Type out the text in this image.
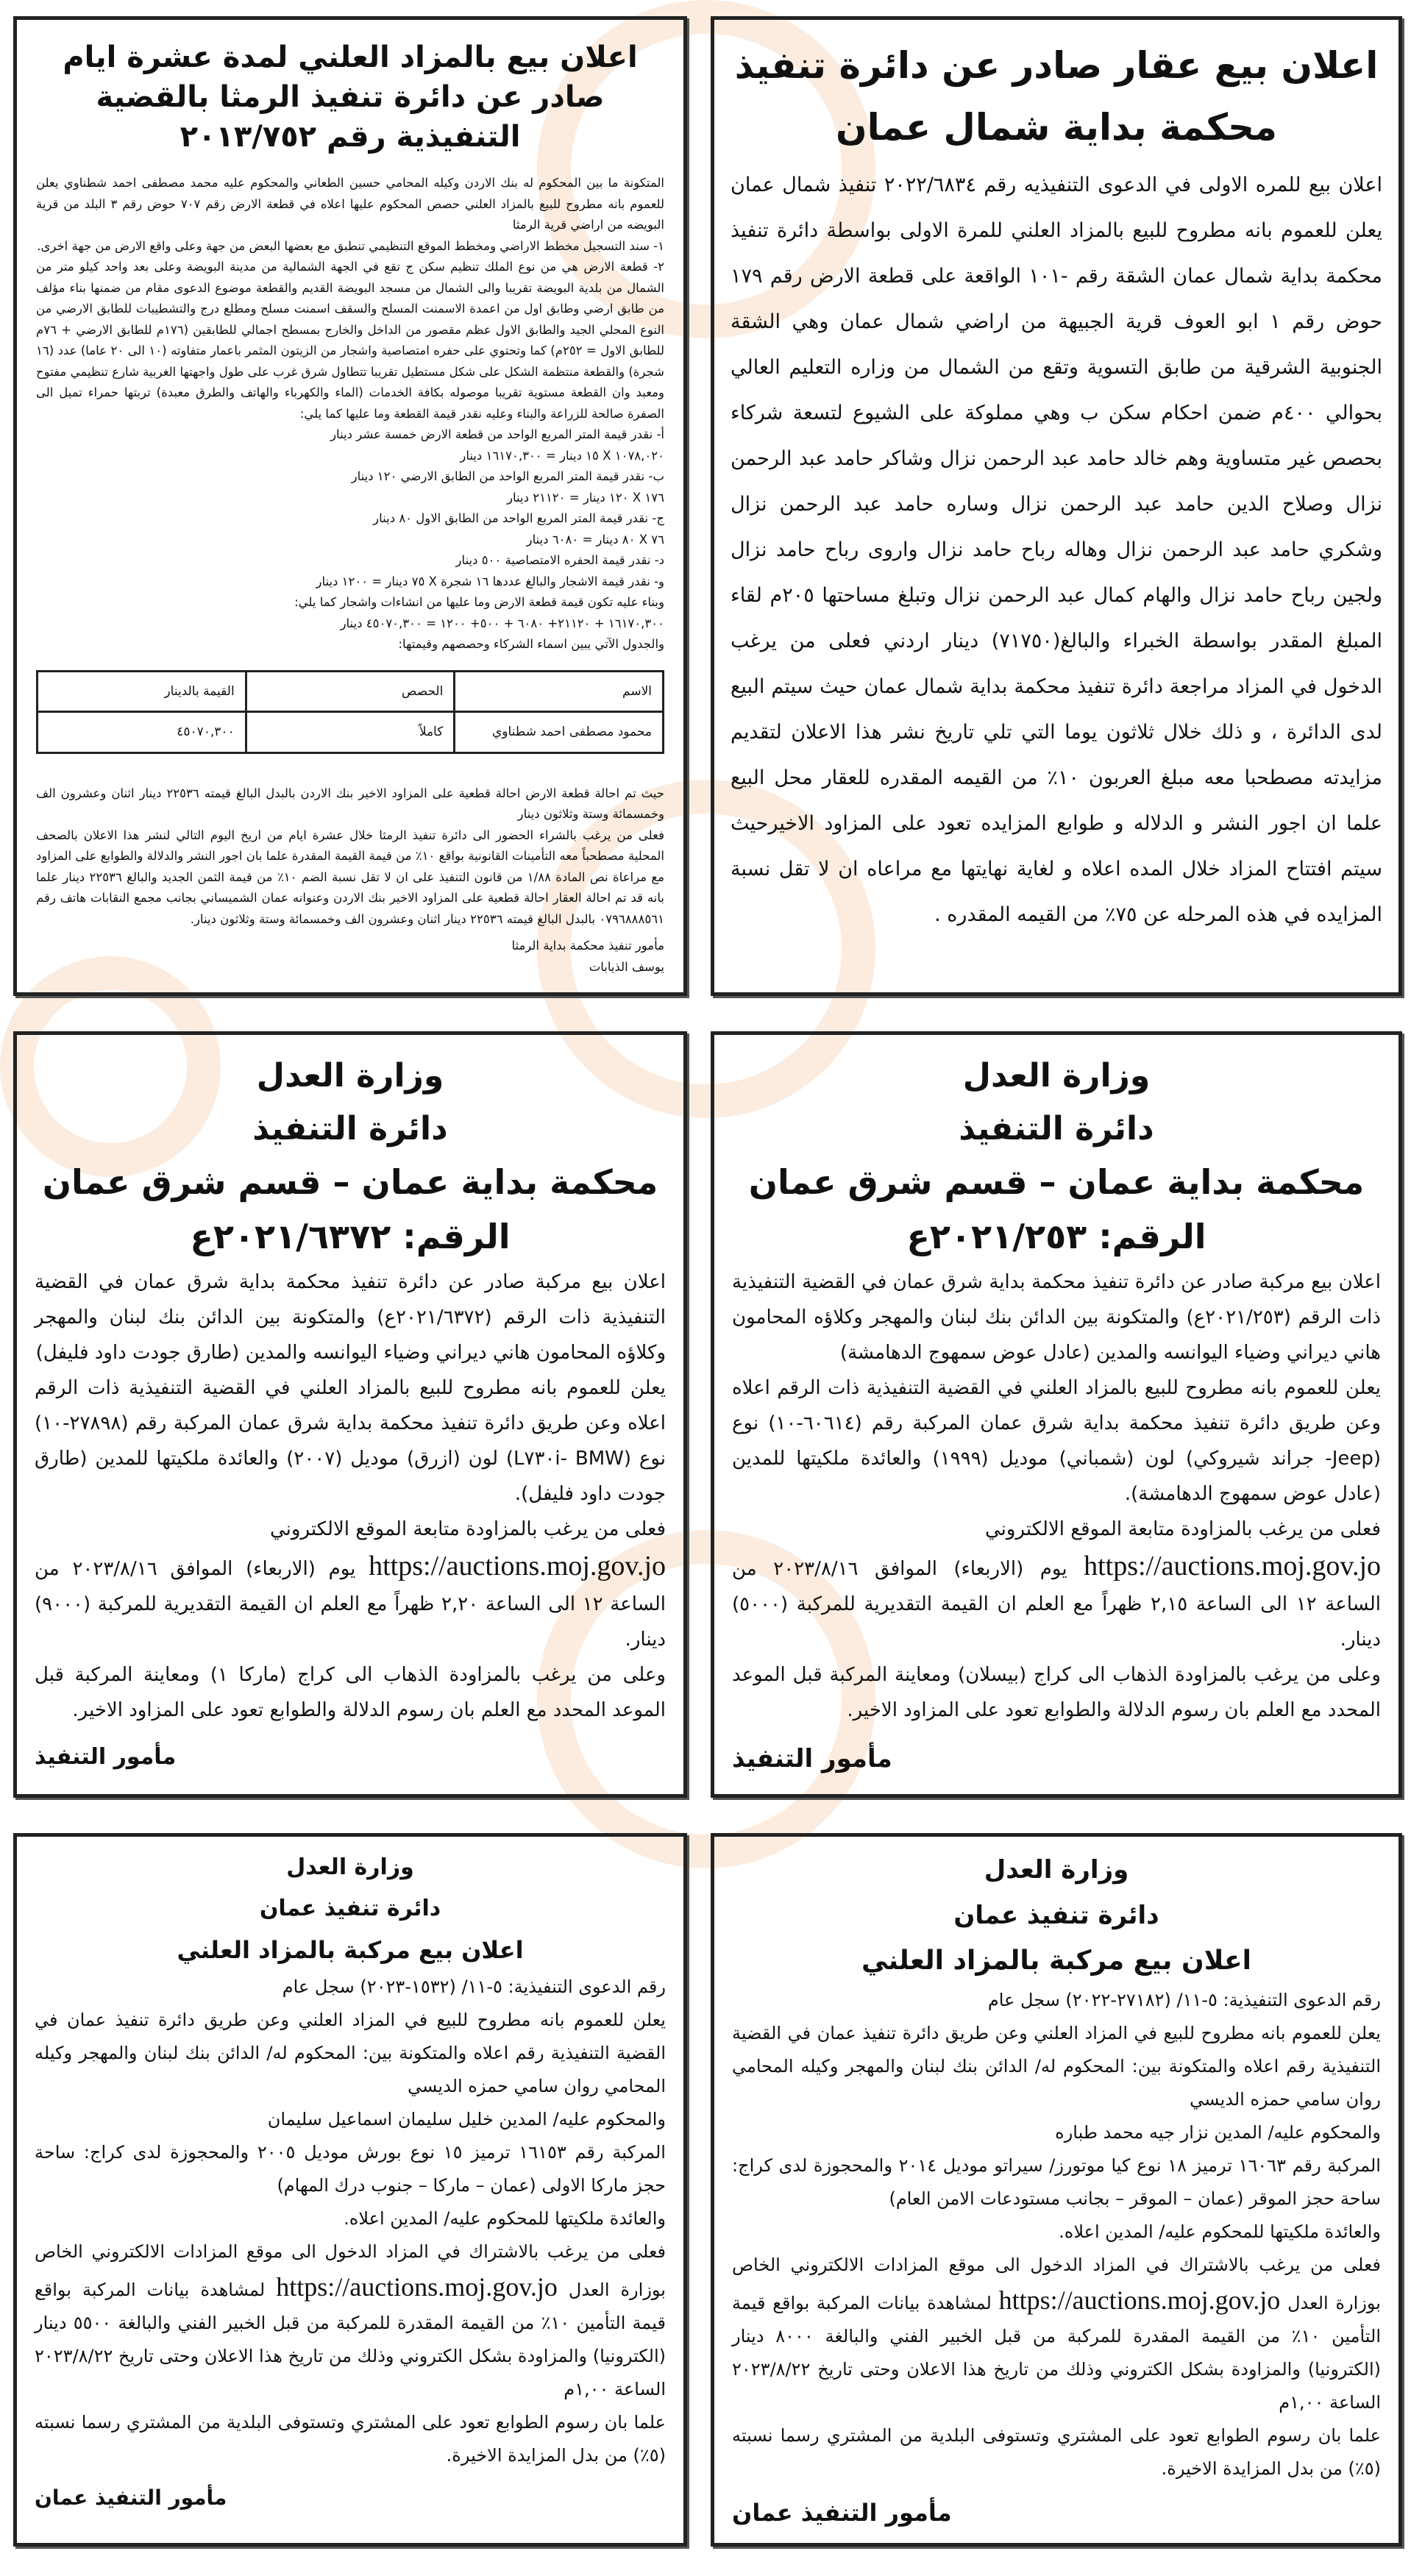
اعلان بيع عقار صادر عن دائرة تنفيذ محكمة بداية شمال عمان

اعلان بيع للمره الاولى في الدعوى التنفيذيه رقم ٢٠٢٢/٦٨٣٤ تنفيذ شمال عمان يعلن للعموم بانه مطروح للبيع بالمزاد العلني للمرة الاولى بواسطة دائرة تنفيذ محكمة بداية شمال عمان الشقة رقم -١٠١ الواقعة على قطعة الارض رقم ١٧٩ حوض رقم ١ ابو العوف قرية الجبيهة من اراضي شمال عمان وهي الشقة الجنوبية الشرقية من طابق التسوية وتقع من الشمال من وزاره التعليم العالي بحوالي ٤٠٠م ضمن احكام سكن ب وهي مملوكة على الشيوع لتسعة شركاء بحصص غير متساوية وهم خالد حامد عبد الرحمن نزال وشاكر حامد عبد الرحمن نزال وصلاح الدين حامد عبد الرحمن نزال وساره حامد عبد الرحمن نزال وشكري حامد عبد الرحمن نزال وهاله رباح حامد نزال واروى رباح حامد نزال ولجين رباح حامد نزال والهام كمال عبد الرحمن نزال وتبلغ مساحتها ٢٠٥م لقاء المبلغ المقدر بواسطة الخبراء والبالغ(٧١٧٥٠) دينار اردني فعلى من يرغب الدخول في المزاد مراجعة دائرة تنفيذ محكمة بداية شمال عمان حيث سيتم البيع لدى الدائرة ، و ذلك خلال ثلاثون يوما التي تلي تاريخ نشر هذا الاعلان لتقديم مزايدته مصطحبا معه مبلغ العربون ١٠٪ من القيمه المقدره للعقار محل البيع علما ان اجور النشر و الدلاله و طوابع المزايده تعود على المزاود الاخيرحيث سيتم افتتاح المزاد خلال المده اعلاه و لغاية نهايتها مع مراعاه ان لا تقل نسبة المزايده في هذه المرحله عن ٧٥٪ من القيمه المقدره .

اعلان بيع بالمزاد العلني لمدة عشرة ايام صادر عن دائرة تنفيذ الرمثا بالقضية التنفيذية رقم ٢٠١٣/٧٥٢

المتكونة ما بين المحكوم له بنك الاردن وكيله المحامي حسين الطعاني والمحكوم عليه محمد مصطفى احمد شطناوي يعلن للعموم بانه مطروح للبيع بالمزاد العلني حصص المحكوم عليها اعلاه في قطعة الارض رقم ٧٠٧ حوض رقم ٣ البلد من قرية البويضه من اراضي قرية الرمثا

١- سند التسجيل مخطط الاراضي ومخطط الموقع التنظيمي تنطبق مع بعضها البعض من جهة وعلى واقع الارض من جهة اخرى.

٢- قطعة الارض هي من نوع الملك تنظيم سكن ج تقع في الجهة الشمالية من مدينة البويضة وعلى بعد واحد كيلو متر من الشمال من بلدية البويضة تقريبا والى الشمال من مسجد البويضة القديم والقطعة موضوع الدعوى مقام من ضمنها بناء مؤلف من طابق ارضي وطابق اول من اعمدة الاسمنت المسلح والسقف اسمنت مسلح ومطلع درج والتشطيبات للطابق الارضي من النوع المحلي الجيد والطابق الاول عظم مقصور من الداخل والخارج بمسطح اجمالي للطابقين (١٧٦م للطابق الارضي + ٧٦م للطابق الاول = ٢٥٢م) كما وتحتوي على حفره امتصاصية واشجار من الزيتون المثمر باعمار متفاوته (١٠ الى ٢٠ عاما) عدد (١٦ شجرة) والقطعة منتظمة الشكل على شكل مستطيل تقريبا تتطاول شرق غرب على طول واجهتها الغربية شارع تنظيمي مفتوح ومعبد وان القطعة مستوية تقريبا موصوله بكافة الخدمات (الماء والكهرباء والهاتف والطرق معبدة) تربتها حمراء تميل الى الصفرة صالحة للزراعة والبناء وعليه نقدر قيمة القطعة وما عليها كما يلي:

أ- نقدر قيمة المتر المربع الواحد من قطعة الارض خمسة عشر دينار

١٠٧٨,٠٢٠ X ١٥ دينار = ١٦١٧٠,٣٠٠ دينار

ب- نقدر قيمة المتر المربع الواحد من الطابق الارضي ١٢٠ دينار

١٧٦ X ١٢٠ دينار = ٢١١٢٠ دينار

ج- نقدر قيمة المتر المربع الواحد من الطابق الاول ٨٠ دينار

٧٦ X ٨٠ دينار = ٦٠٨٠ دينار

د- نقدر قيمة الحفره الامتصاصية ٥٠٠ دينار

و- نقدر قيمة الاشجار والبالغ عددها ١٦ شجرة X ٧٥ دينار = ١٢٠٠ دينار

وبناء عليه تكون قيمة قطعة الارض وما عليها من انشاءات واشجار كما يلي:

١٦١٧٠,٣٠٠ + ٢١١٢٠+ ٦٠٨٠ + ٥٠٠+ ١٢٠٠ = ٤٥٠٧٠,٣٠٠ دينار

والجدول الآتي يبين اسماء الشركاء وحصصهم وقيمتها:

الاسم	الحصص	القيمة بالدينار
محمود مصطفى احمد شطناوي	كاملاً	٤٥٠٧٠,٣٠٠

حيث تم احالة قطعة الارض احالة قطعية على المزاود الاخير بنك الاردن بالبدل البالغ قيمته ٢٢٥٣٦ دينار اثنان وعشرون الف وخمسمائة وستة وثلاثون دينار

فعلى من يرغب بالشراء الحضور الى دائرة تنفيذ الرمثا خلال عشرة ايام من اريخ اليوم التالي لنشر هذا الاعلان بالصحف المحلية مصطحباً معه التأمينات القانونية بواقع ١٠٪ من قيمة القيمة المقدرة علما بان اجور النشر والدلالة والطوابع على المزاود مع مراعاة نص المادة ١/٨٨ من قانون التنفيذ على ان لا تقل نسبة الضم ١٠٪ من قيمة الثمن الجديد والبالغ ٢٢٥٣٦ دينار علما بانه قد تم احالة العقار احالة قطعية على المزاود الاخير بنك الاردن وعنوانه عمان الشميساني بجانب مجمع النقابات هاتف رقم ٠٧٩٦٨٨٨٥٦١ بالبدل البالغ قيمته ٢٢٥٣٦ دينار اثنان وعشرون الف وخمسمائة وستة وثلاثون دينار.

مأمور تنفيذ محكمة بداية الرمثا

يوسف الذيابات

وزارة العدل
دائرة التنفيذ
محكمة بداية عمان – قسم شرق عمان
الرقم: ٢٠٢١/٢٥٣ع

اعلان بيع مركبة صادر عن دائرة تنفيذ محكمة بداية شرق عمان في القضية التنفيذية ذات الرقم (٢٠٢١/٢٥٣ع) والمتكونة بين الدائن بنك لبنان والمهجر وكلاؤه المحامون هاني ديراني وضياء اليوانسه والمدين (عادل عوض سمهوج الدهامشة)

يعلن للعموم بانه مطروح للبيع بالمزاد العلني في القضية التنفيذية ذات الرقم اعلاه وعن طريق دائرة تنفيذ محكمة بداية شرق عمان المركبة رقم (٦٠٦١٤-١٠) نوع (Jeep- جراند شيروكي) لون (شمباني) موديل (١٩٩٩) والعائدة ملكيتها للمدين (عادل عوض سمهوج الدهامشة).

فعلى من يرغب بالمزاودة متابعة الموقع الالكتروني

https://auctions.moj.gov.jo يوم (الاربعاء) الموافق ٢٠٢٣/٨/١٦ من الساعة ١٢ الى الساعة ٢,١٥ ظهراً مع العلم ان القيمة التقديرية للمركبة (٥٠٠٠) دينار.

وعلى من يرغب بالمزاودة الذهاب الى كراج (بيسلان) ومعاينة المركبة قبل الموعد المحدد مع العلم بان رسوم الدلالة والطوابع تعود على المزاود الاخير.

مأمور التنفيذ

وزارة العدل
دائرة التنفيذ
محكمة بداية عمان – قسم شرق عمان
الرقم: ٢٠٢١/٦٣٧٢ع

اعلان بيع مركبة صادر عن دائرة تنفيذ محكمة بداية شرق عمان في القضية التنفيذية ذات الرقم (٢٠٢١/٦٣٧٢ع) والمتكونة بين الدائن بنك لبنان والمهجر وكلاؤه المحامون هاني ديراني وضياء اليوانسه والمدين (طارق جودت داود فليفل)

يعلن للعموم بانه مطروح للبيع بالمزاد العلني في القضية التنفيذية ذات الرقم اعلاه وعن طريق دائرة تنفيذ محكمة بداية شرق عمان المركبة رقم (٢٧٨٩٨-١٠) نوع (L٧٣٠i- BMW) لون (ازرق) موديل (٢٠٠٧) والعائدة ملكيتها للمدين (طارق جودت داود فليفل).

فعلى من يرغب بالمزاودة متابعة الموقع الالكتروني

https://auctions.moj.gov.jo يوم (الاربعاء) الموافق ٢٠٢٣/٨/١٦ من الساعة ١٢ الى الساعة ٢,٢٠ ظهراً مع العلم ان القيمة التقديرية للمركبة (٩٠٠٠) دينار.

وعلى من يرغب بالمزاودة الذهاب الى كراج (ماركا ١) ومعاينة المركبة قبل الموعد المحدد مع العلم بان رسوم الدلالة والطوابع تعود على المزاود الاخير.

مأمور التنفيذ

وزارة العدل
دائرة تنفيذ عمان
اعلان بيع مركبة بالمزاد العلني

رقم الدعوى التنفيذية: ٥-١١/ (٢٧١٨٢-٢٠٢٢) سجل عام

يعلن للعموم بانه مطروح للبيع في المزاد العلني وعن طريق دائرة تنفيذ عمان في القضية التنفيذية رقم اعلاه والمتكونة بين: المحكوم له/ الدائن بنك لبنان والمهجر وكيله المحامي روان سامي حمزه الديسي

والمحكوم عليه/ المدين نزار جيه محمد طباره

المركبة رقم ١٦٠٦٣ ترميز ١٨ نوع كيا موتورز/ سيراتو موديل ٢٠١٤ والمحجوزة لدى كراج: ساحة حجز الموقر (عمان – الموقر – بجانب مستودعات الامن العام)

والعائدة ملكيتها للمحكوم عليه/ المدين اعلاه.

فعلى من يرغب بالاشتراك في المزاد الدخول الى موقع المزادات الالكتروني الخاص بوزارة العدل https://auctions.moj.gov.jo لمشاهدة بيانات المركبة بواقع قيمة التأمين ١٠٪ من القيمة المقدرة للمركبة من قبل الخبير الفني والبالغة ٨٠٠٠ دينار (الكترونيا) والمزاودة بشكل الكتروني وذلك من تاريخ هذا الاعلان وحتى تاريخ ٢٠٢٣/٨/٢٢ الساعة ١,٠٠م

علما بان رسوم الطوابع تعود على المشتري وتستوفى البلدية من المشتري رسما نسبته (٥٪) من بدل المزايدة الاخيرة.

مأمور التنفيذ عمان

وزارة العدل
دائرة تنفيذ عمان
اعلان بيع مركبة بالمزاد العلني

رقم الدعوى التنفيذية: ٥-١١/ (١٥٣٢-٢٠٢٣) سجل عام

يعلن للعموم بانه مطروح للبيع في المزاد العلني وعن طريق دائرة تنفيذ عمان في القضية التنفيذية رقم اعلاه والمتكونة بين: المحكوم له/ الدائن بنك لبنان والمهجر وكيله المحامي روان سامي حمزه الديسي

والمحكوم عليه/ المدين خليل سليمان اسماعيل سليمان

المركبة رقم ١٦١٥٣ ترميز ١٥ نوع بورش موديل ٢٠٠٥ والمحجوزة لدى كراج: ساحة حجز ماركا الاولى (عمان – ماركا – جنوب درك المهام)

والعائدة ملكيتها للمحكوم عليه/ المدين اعلاه.

فعلى من يرغب بالاشتراك في المزاد الدخول الى موقع المزادات الالكتروني الخاص بوزارة العدل https://auctions.moj.gov.jo لمشاهدة بيانات المركبة بواقع قيمة التأمين ١٠٪ من القيمة المقدرة للمركبة من قبل الخبير الفني والبالغة ٥٥٠٠ دينار (الكترونيا) والمزاودة بشكل الكتروني وذلك من تاريخ هذا الاعلان وحتى تاريخ ٢٠٢٣/٨/٢٢ الساعة ١,٠٠م

علما بان رسوم الطوابع تعود على المشتري وتستوفى البلدية من المشتري رسما نسبته (٥٪) من بدل المزايدة الاخيرة.

مأمور التنفيذ عمان
